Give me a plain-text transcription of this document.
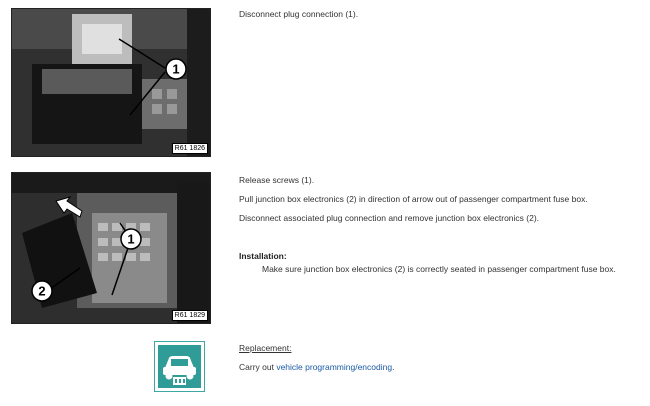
1
R61 1826
1
2
R61 1829
Disconnect plug connection (1).
Release screws (1).
Pull junction box electronics (2) in direction of arrow out of passenger compartment fuse box.
Disconnect associated plug connection and remove junction box electronics (2).
Installation:
Make sure junction box electronics (2) is correctly seated in passenger compartment fuse box.
Replacement:
Carry out vehicle programming/encoding.
